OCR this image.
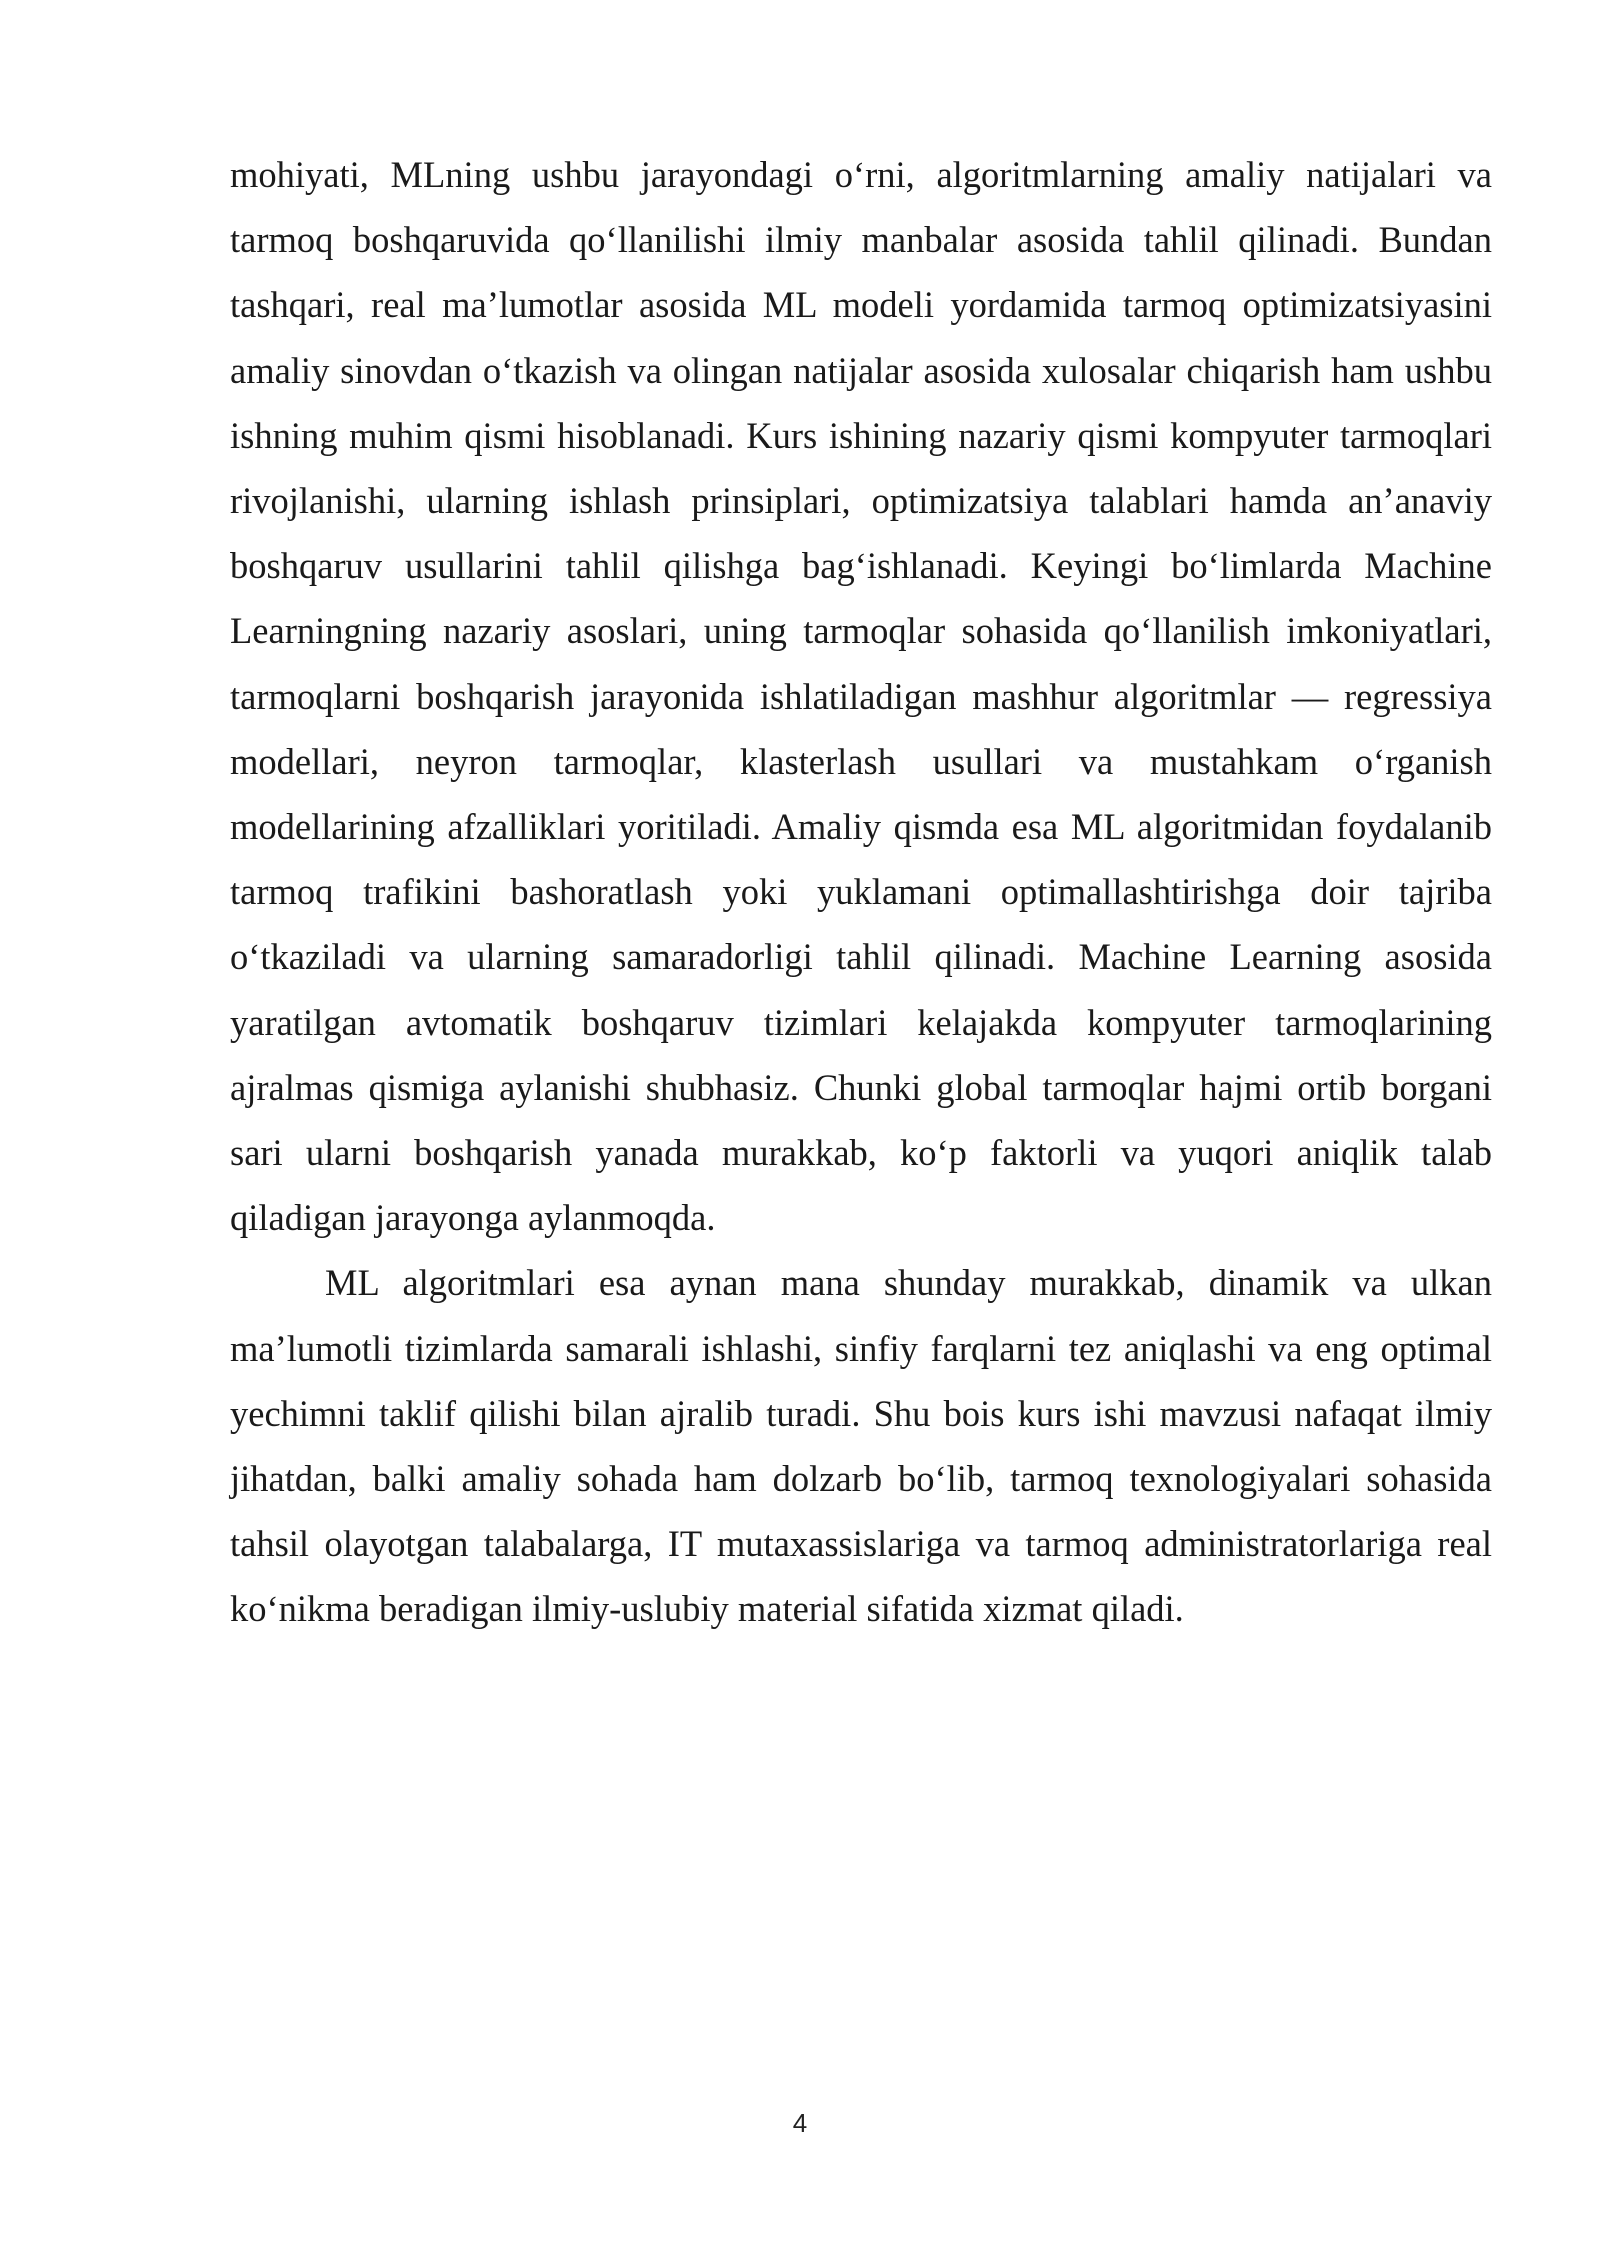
mohiyati, MLning ushbu jarayondagi o‘rni, algoritmlarning amaliy natijalari va tarmoq boshqaruvida qo‘llanilishi ilmiy manbalar asosida tahlil qilinadi. Bundan tashqari, real ma’lumotlar asosida ML modeli yordamida tarmoq optimizatsiyasini amaliy sinovdan o‘tkazish va olingan natijalar asosida xulosalar chiqarish ham ushbu ishning muhim qismi hisoblanadi. Kurs ishining nazariy qismi kompyuter tarmoqlari rivojlanishi, ularning ishlash prinsiplari, optimizatsiya talablari hamda an’anaviy boshqaruv usullarini tahlil qilishga bag‘ishlanadi. Keyingi bo‘limlarda Machine Learningning nazariy asoslari, uning tarmoqlar sohasida qo‘llanilish imkoniyatlari, tarmoqlarni boshqarish jarayonida ishlatiladigan mashhur algoritmlar — regressiya modellari, neyron tarmoqlar, klasterlash usullari va mustahkam o‘rganish modellarining afzalliklari yoritiladi. Amaliy qismda esa ML algoritmidan foydalanib tarmoq trafikini bashoratlash yoki yuklamani optimallashtirishga doir tajriba o‘tkaziladi va ularning samaradorligi tahlil qilinadi. Machine Learning asosida yaratilgan avtomatik boshqaruv tizimlari kelajakda kompyuter tarmoqlarining ajralmas qismiga aylanishi shubhasiz. Chunki global tarmoqlar hajmi ortib borgani sari ularni boshqarish yanada murakkab, ko‘p faktorli va yuqori aniqlik talab qiladigan jarayonga aylanmoqda.

ML algoritmlari esa aynan mana shunday murakkab, dinamik va ulkan ma’lumotli tizimlarda samarali ishlashi, sinfiy farqlarni tez aniqlashi va eng optimal yechimni taklif qilishi bilan ajralib turadi. Shu bois kurs ishi mavzusi nafaqat ilmiy jihatdan, balki amaliy sohada ham dolzarb bo‘lib, tarmoq texnologiyalari sohasida tahsil olayotgan talabalarga, IT mutaxassislariga va tarmoq administratorlariga real ko‘nikma beradigan ilmiy-uslubiy material sifatida xizmat qiladi.

4
